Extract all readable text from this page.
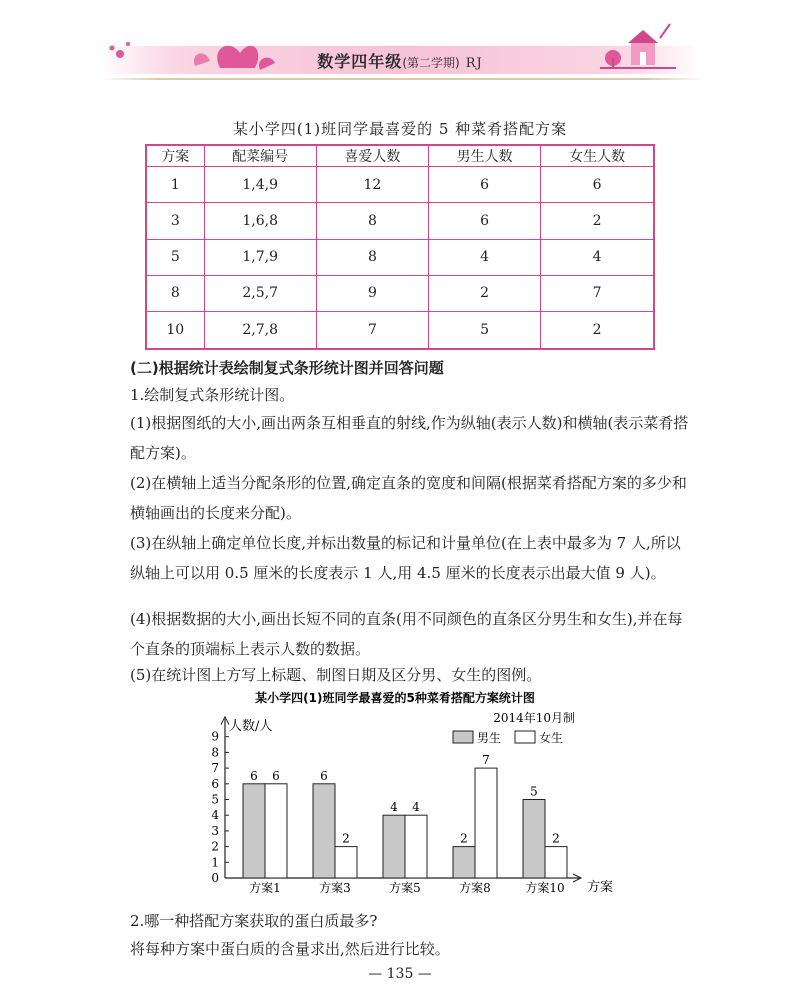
数学四年级(第二学期) RJ
某小学四(1)班同学最喜爱的 5 种菜肴搭配方案
方案	配菜编号	喜爱人数	男生人数	女生人数
1	1,4,9	12	6	6
3	1,6,8	8	6	2
5	1,7,9	8	4	4
8	2,5,7	9	2	7
10	2,7,8	7	5	2
(二)根据统计表绘制复式条形统计图并回答问题
1.绘制复式条形统计图。
(1)根据图纸的大小,画出两条互相垂直的射线,作为纵轴(表示人数)和横轴(表示菜肴搭配方案)。
(2)在横轴上适当分配条形的位置,确定直条的宽度和间隔(根据菜肴搭配方案的多少和横轴画出的长度来分配)。
(3)在纵轴上确定单位长度,并标出数量的标记和计量单位(在上表中最多为 7 人,所以纵轴上可以用 0.5 厘米的长度表示 1 人,用 4.5 厘米的长度表示出最大值 9 人)。
(4)根据数据的大小,画出长短不同的直条(用不同颜色的直条区分男生和女生),并在每个直条的顶端标上表示人数的数据。
(5)在统计图上方写上标题、制图日期及区分男、女生的图例。
某小学四(1)班同学最喜爱的5种菜肴搭配方案统计图
2014年10月制
人数/人
方案
0
1
2
3
4
5
6
7
8
9
6 6
方案1
6
2
方案3
4 4
方案5
2
7
方案8
5
2
方案10
男生	女生
2.哪一种搭配方案获取的蛋白质最多?
将每种方案中蛋白质的含量求出,然后进行比较。
— 135 —
